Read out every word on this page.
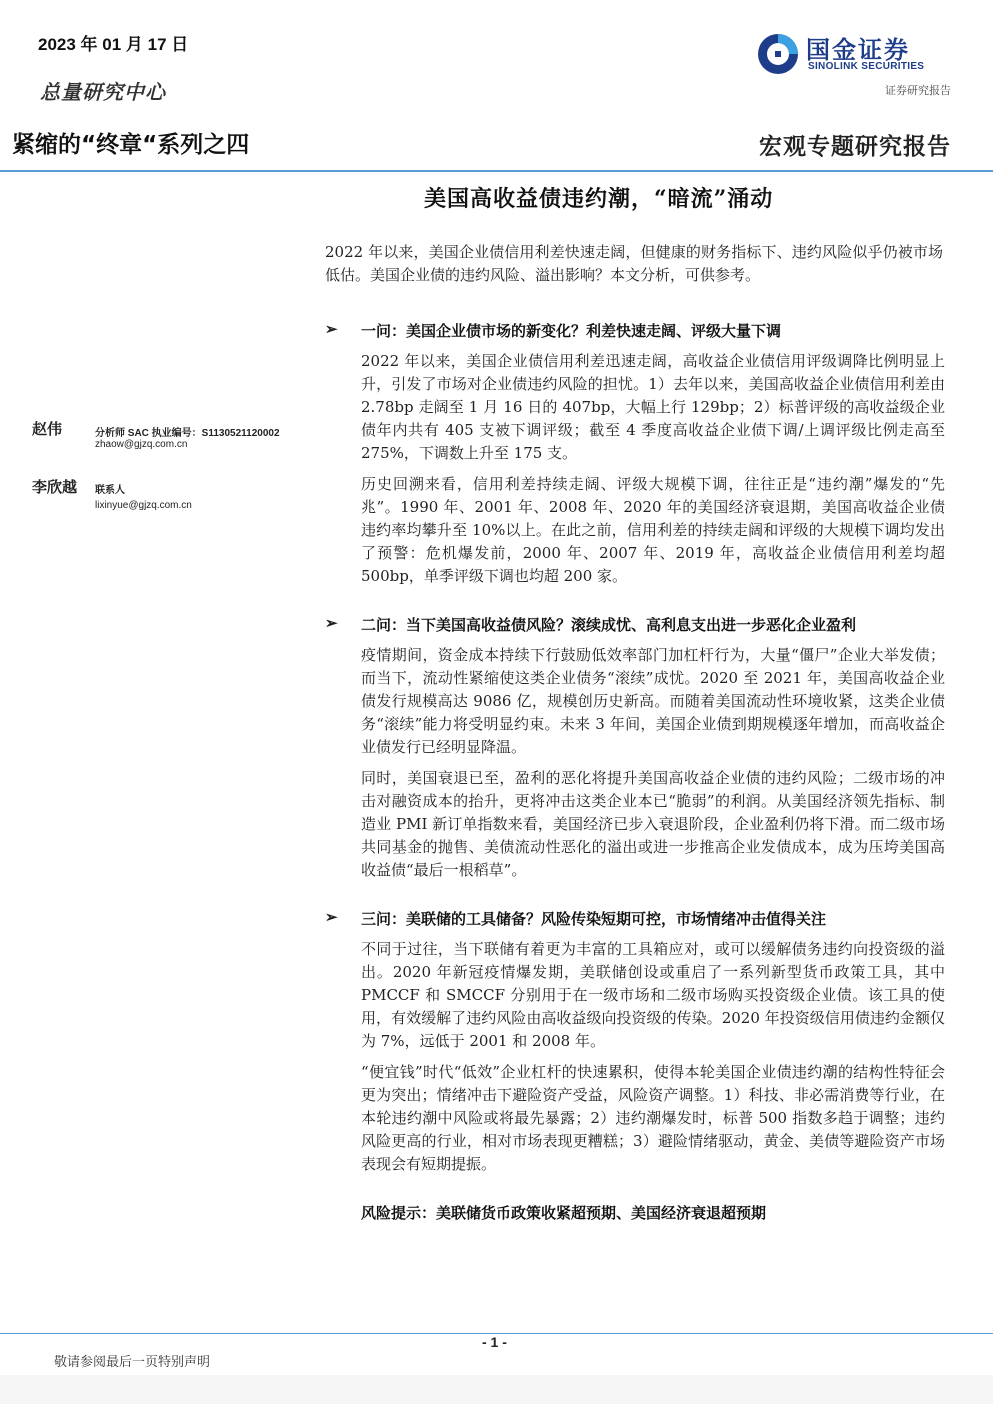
2023 年 01 月 17 日
总量研究中心
国金证券
SINOLINK SECURITIES
证券研究报告
紧缩的“终章“系列之四	宏观专题研究报告
美国高收益债违约潮，“暗流”涌动
赵伟	分析师 SAC 执业编号：S1130521120002
zhaow@gjzq.com.cn
李欣越 联系人
lixinyue@gjzq.com.cn
2022 年以来，美国企业债信用利差快速走阔，但健康的财务指标下、违约风险似乎仍被市场低估。美国企业债的违约风险、溢出影响？本文分析，可供参考。
➢ 一问：美国企业债市场的新变化？利差快速走阔、评级大量下调

2022 年以来，美国企业债信用利差迅速走阔，高收益企业债信用评级调降比例明显上升，引发了市场对企业债违约风险的担忧。1）去年以来，美国高收益企业债信用利差由 2.78bp 走阔至 1 月 16 日的 407bp，大幅上行 129bp；2）标普评级的高收益级企业债年内共有 405 支被下调评级；截至 4 季度高收益企业债下调/上调评级比例走高至 275%，下调数上升至 175 支。

历史回溯来看，信用利差持续走阔、评级大规模下调，往往正是“违约潮”爆发的“先兆”。1990 年、2001 年、2008 年、2020 年的美国经济衰退期，美国高收益企业债违约率均攀升至 10%以上。在此之前，信用利差的持续走阔和评级的大规模下调均发出了预警：危机爆发前，2000 年、2007 年、2019 年，高收益企业债信用利差均超 500bp，单季评级下调也均超 200 家。

➢ 二问：当下美国高收益债风险？滚续成忧、高利息支出进一步恶化企业盈利

疫情期间，资金成本持续下行鼓励低效率部门加杠杆行为，大量“僵尸”企业大举发债；而当下，流动性紧缩使这类企业债务“滚续”成忧。2020 至 2021 年，美国高收益企业债发行规模高达 9086 亿，规模创历史新高。而随着美国流动性环境收紧，这类企业债务“滚续”能力将受明显约束。未来 3 年间，美国企业债到期规模逐年增加，而高收益企业债发行已经明显降温。

同时，美国衰退已至，盈利的恶化将提升美国高收益企业债的违约风险；二级市场的冲击对融资成本的抬升，更将冲击这类企业本已“脆弱”的利润。从美国经济领先指标、制造业 PMI 新订单指数来看，美国经济已步入衰退阶段，企业盈利仍将下滑。而二级市场共同基金的抛售、美债流动性恶化的溢出或进一步推高企业发债成本，成为压垮美国高收益债“最后一根稻草”。

➢ 三问：美联储的工具储备？风险传染短期可控，市场情绪冲击值得关注

不同于过往，当下联储有着更为丰富的工具箱应对，或可以缓解债务违约向投资级的溢出。2020 年新冠疫情爆发期，美联储创设或重启了一系列新型货币政策工具，其中 PMCCF 和 SMCCF 分别用于在一级市场和二级市场购买投资级企业债。该工具的使用，有效缓解了违约风险由高收益级向投资级的传染。2020 年投资级信用债违约金额仅为 7%，远低于 2001 和 2008 年。

“便宜钱”时代“低效”企业杠杆的快速累积，使得本轮美国企业债违约潮的结构性特征会更为突出；情绪冲击下避险资产受益，风险资产调整。1）科技、非必需消费等行业，在本轮违约潮中风险或将最先暴露；2）违约潮爆发时，标普 500 指数多趋于调整；违约风险更高的行业，相对市场表现更糟糕；3）避险情绪驱动，黄金、美债等避险资产市场表现会有短期提振。

风险提示：美联储货币政策收紧超预期、美国经济衰退超预期
- 1 -
敬请参阅最后一页特别声明
